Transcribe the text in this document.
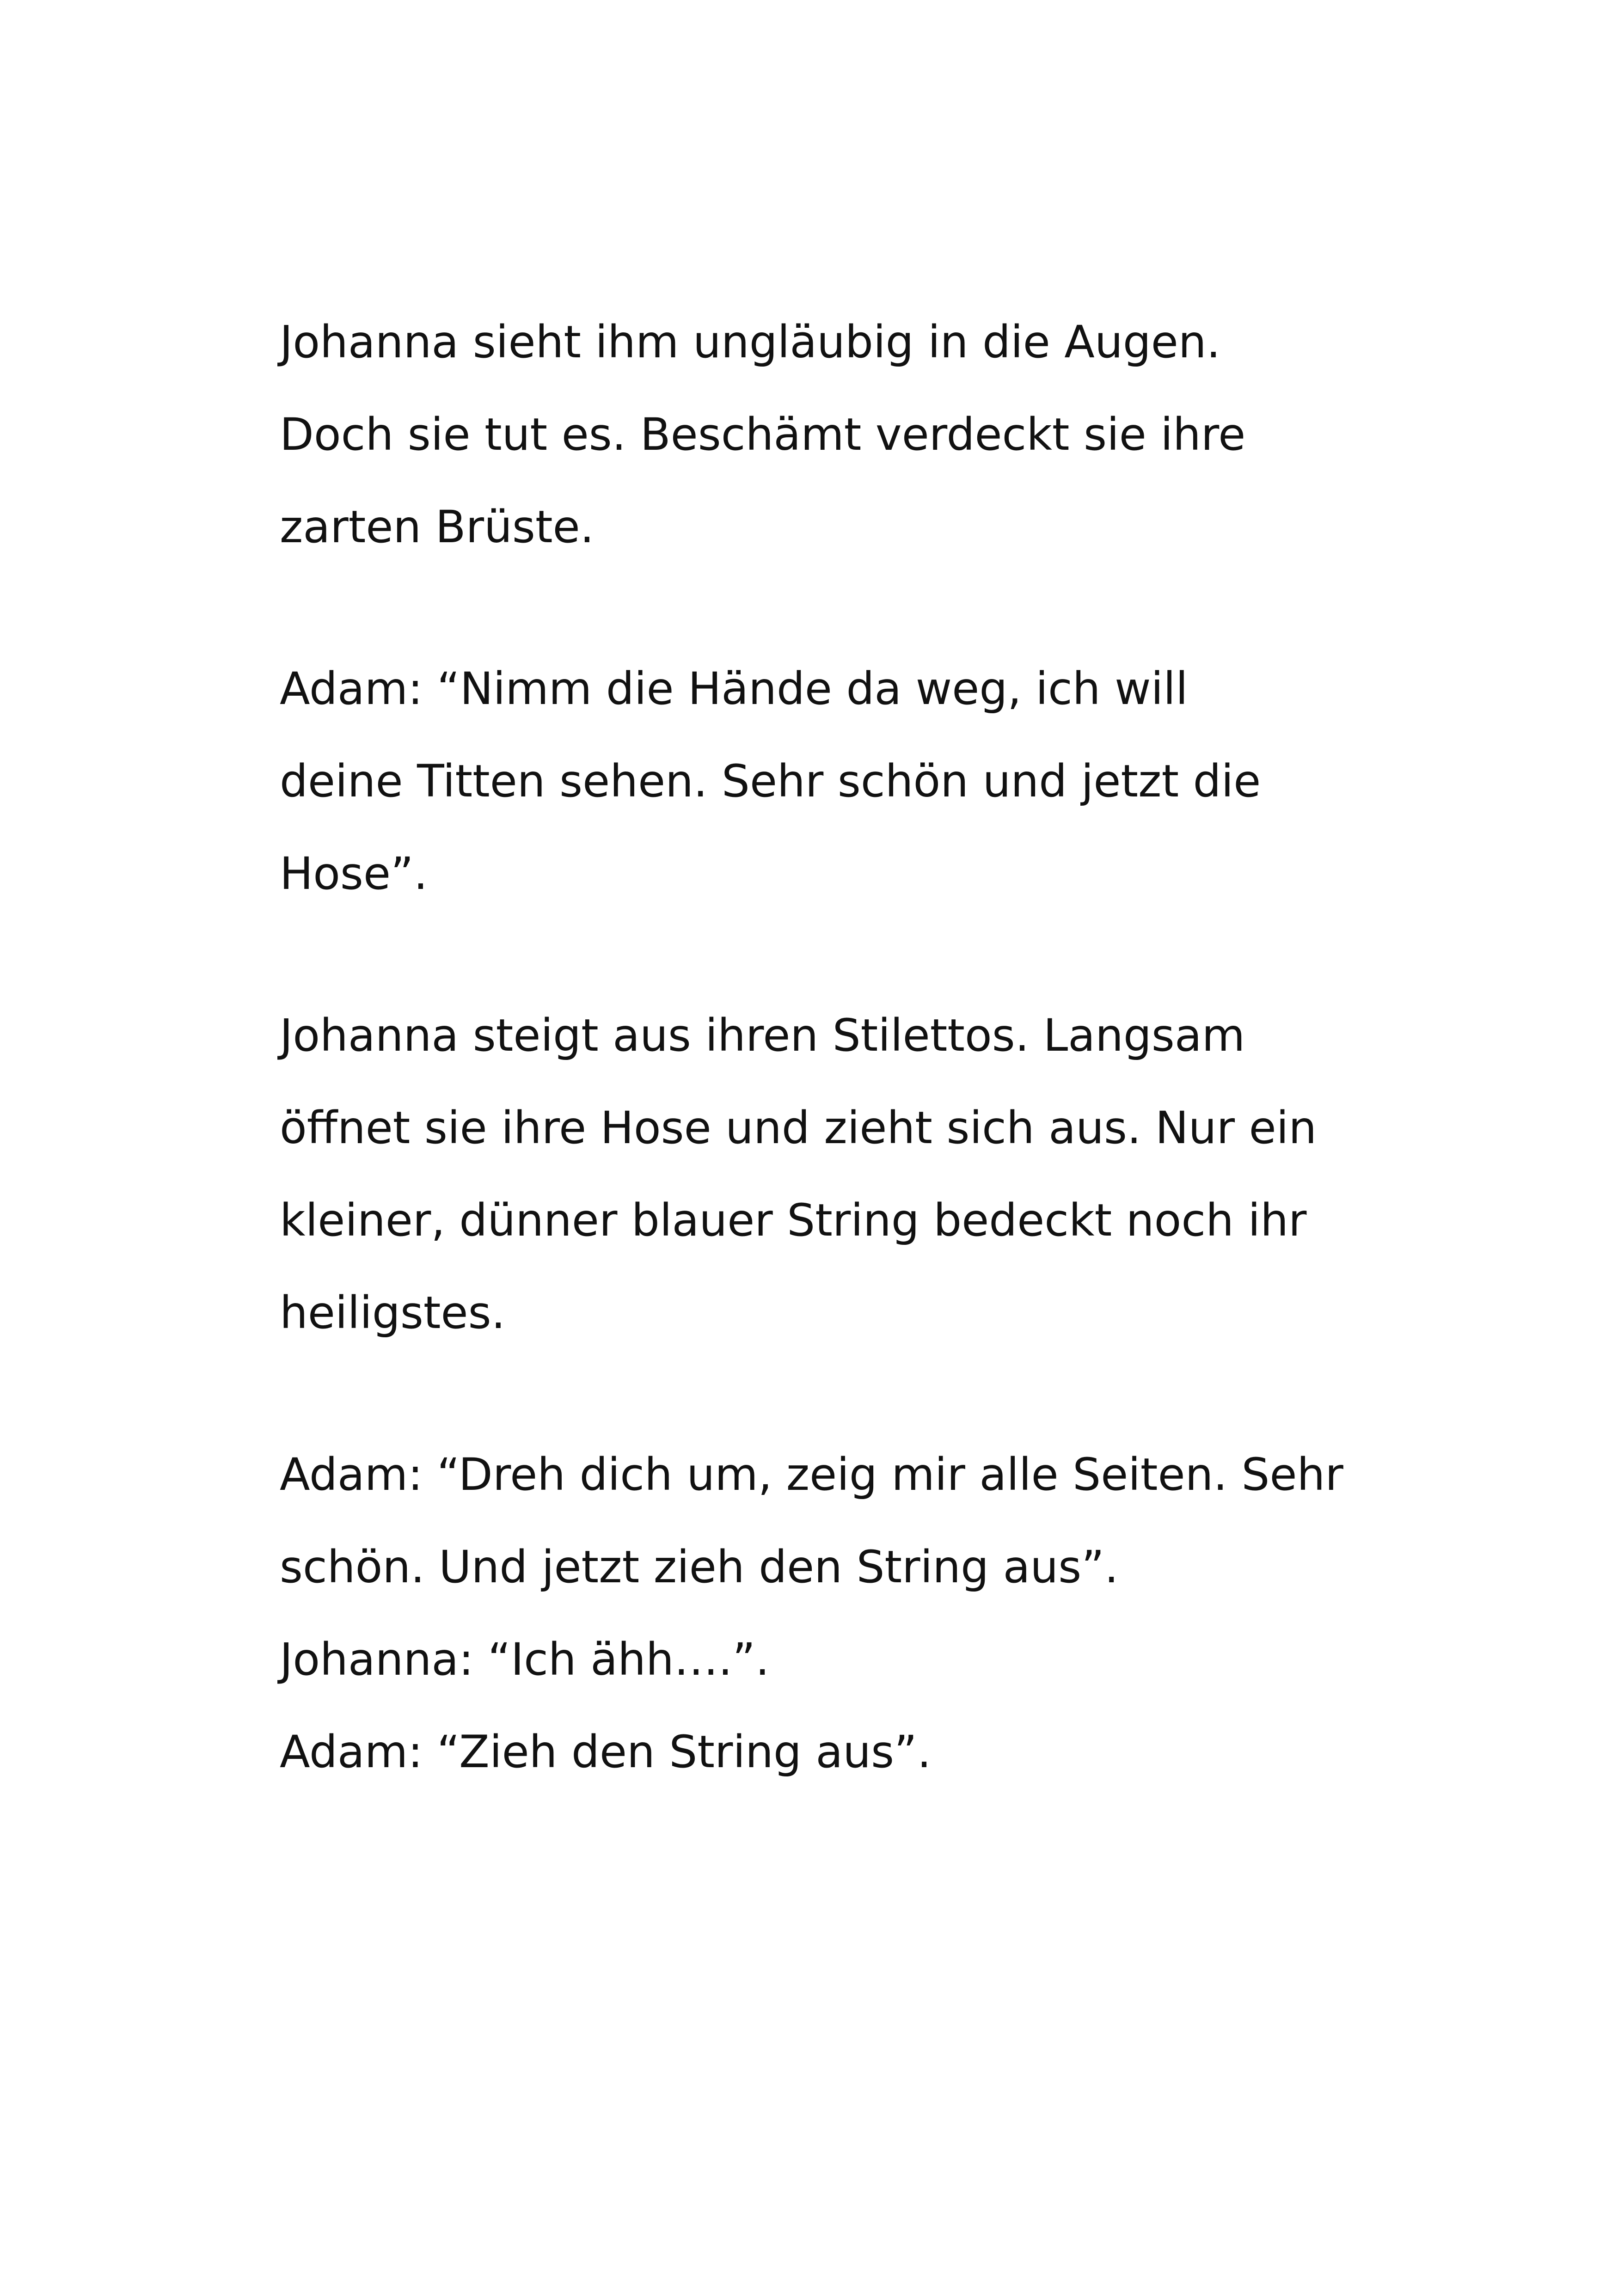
Johanna sieht ihm ungläubig in die Augen.
Doch sie tut es. Beschämt verdeckt sie ihre
zarten Brüste.
Adam: “Nimm die Hände da weg, ich will
deine Titten sehen. Sehr schön und jetzt die
Hose”.
Johanna steigt aus ihren Stilettos. Langsam
öffnet sie ihre Hose und zieht sich aus. Nur ein
kleiner, dünner blauer String bedeckt noch ihr
heiligstes.
Adam: “Dreh dich um, zeig mir alle Seiten. Sehr
schön. Und jetzt zieh den String aus”.
Johanna: “Ich ähh….”.
Adam: “Zieh den String aus”.
